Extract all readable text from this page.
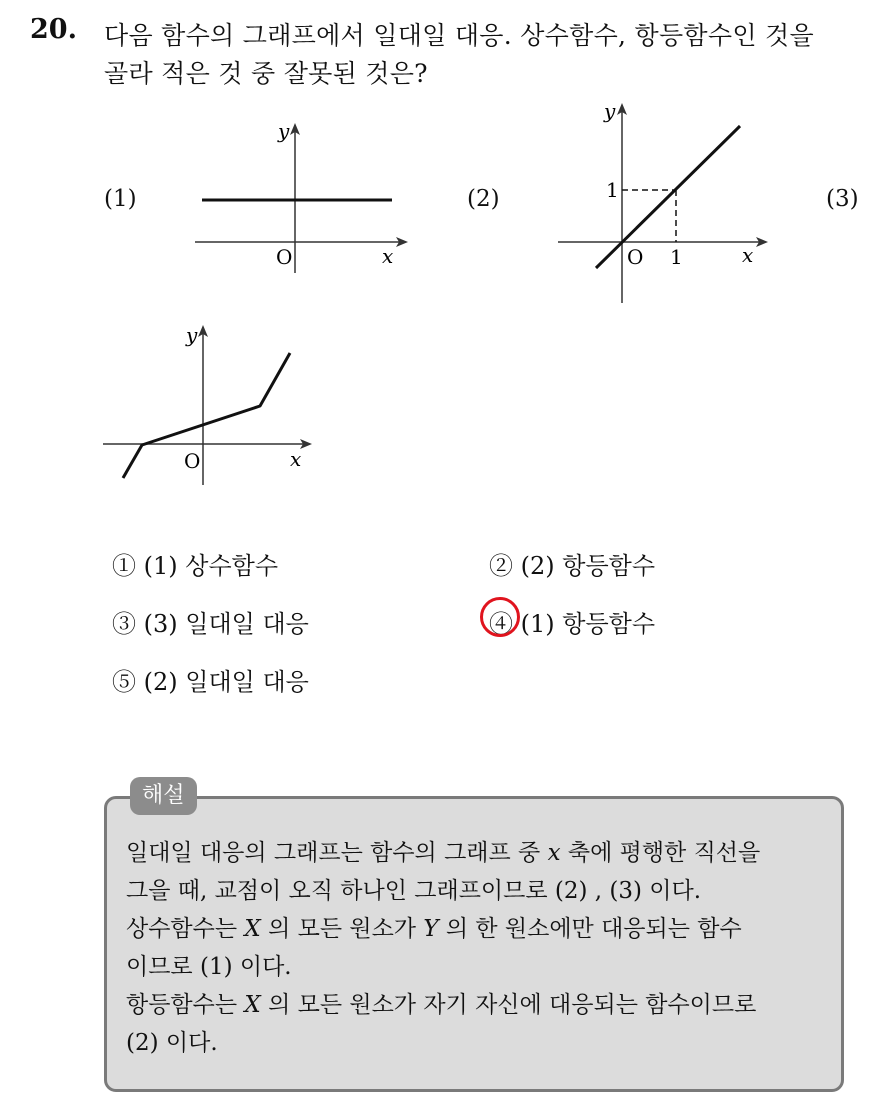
20. 다음 함수의 그래프에서 일대일 대응. 상수함수, 항등함수인 것을
골라 적은 것 중 잘못된 것은?
(1)	(2)	(3)
y
x
O
y
1
O 1	x
y
O	x
① (1) 상수함수	② (2) 항등함수
③ (3) 일대일 대응	④ (1) 항등함수
⑤ (2) 일대일 대응
해설
일대일 대응의 그래프는 함수의 그래프 중 x 축에 평행한 직선을
그을 때, 교점이 오직 하나인 그래프이므로 (2) , (3) 이다.
상수함수는 X 의 모든 원소가 Y 의 한 원소에만 대응되는 함수
이므로 (1) 이다.
항등함수는 X 의 모든 원소가 자기 자신에 대응되는 함수이므로
(2) 이다.
